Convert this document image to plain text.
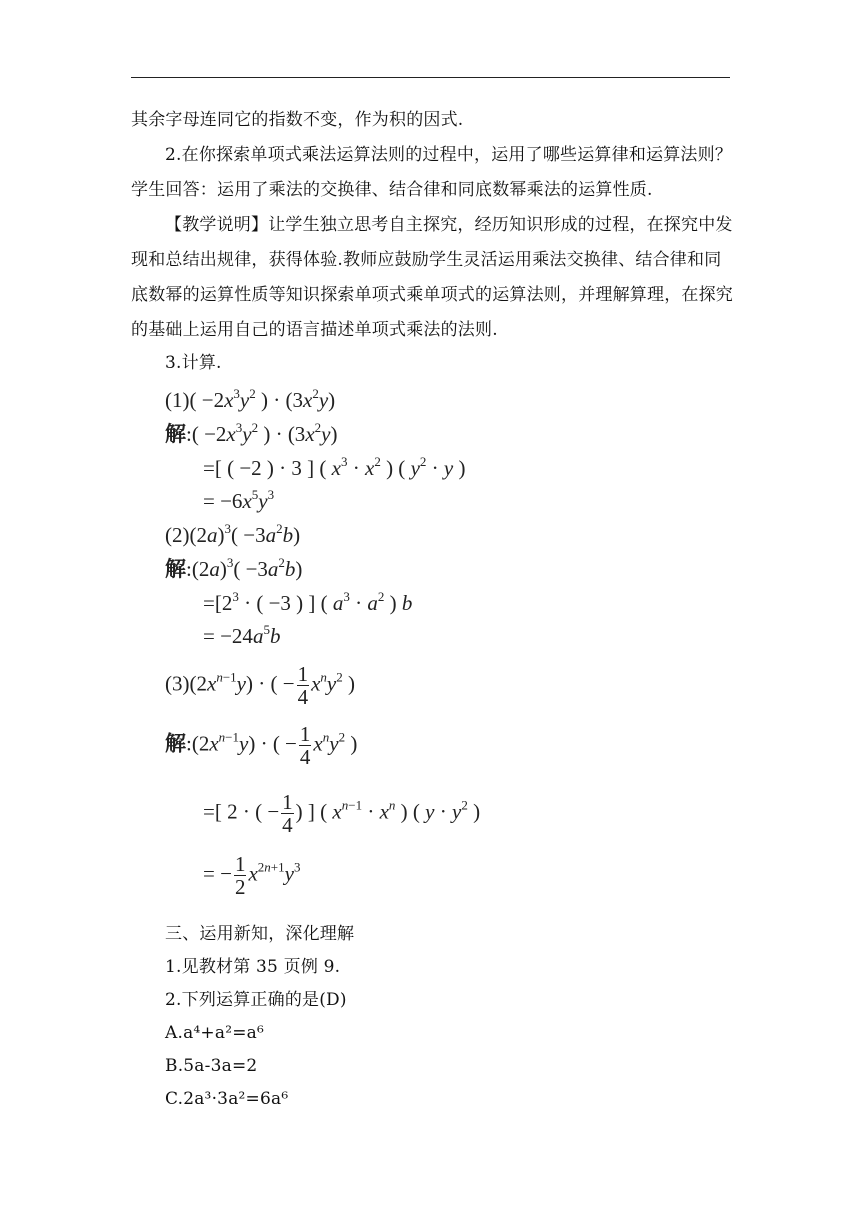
其余字母连同它的指数不变，作为积的因式.
2.在你探索单项式乘法运算法则的过程中，运用了哪些运算律和运算法则？
学生回答：运用了乘法的交换律、结合律和同底数幂乘法的运算性质.
【教学说明】让学生独立思考自主探究，经历知识形成的过程，在探究中发
现和总结出规律，获得体验.教师应鼓励学生灵活运用乘法交换律、结合律和同
底数幂的运算性质等知识探索单项式乘单项式的运算法则，并理解算理，在探究
的基础上运用自己的语言描述单项式乘法的法则.
3.计算.
$(1)( -2x^3y^2$ ) · $(3x^2y)$
解:( $-2x^3y^2$ ) · $(3x^2y)$
=[ ( −2 ) · 3 ] ( $x^3 \cdot x^2$ ) ( $y^2 \cdot y$ )
= $-6x^5y^3$
$(2)(2a)^3( -3a^2b)$
解$:(2a)^3( -3a^2b)$
$=[2^3$ · ( −3 ) ] ( $a^3 \cdot a^2$ ) b
= $-24a^5b$
$(3)(2x^{n-1}y)$ · ( − $\frac{1}{4} x^ny^2$ )
解$:(2x^{n-1}y)$ · ( − $\frac{1}{4} x^ny^2$ )
=[ 2 · ( − $\frac{1}{4}$ ) ] ( $x^{n-1} \cdot x^n$ ) ( $y \cdot y^2$ )
= − $\frac{1}{2} x^{2n+1}y^3$
三、运用新知，深化理解
1.见教材第 35 页例 9.
2.下列运算正确的是(D)
A.a⁴+a²=a⁶
B.5a-3a=2
C.2a³·3a²=6a⁶
